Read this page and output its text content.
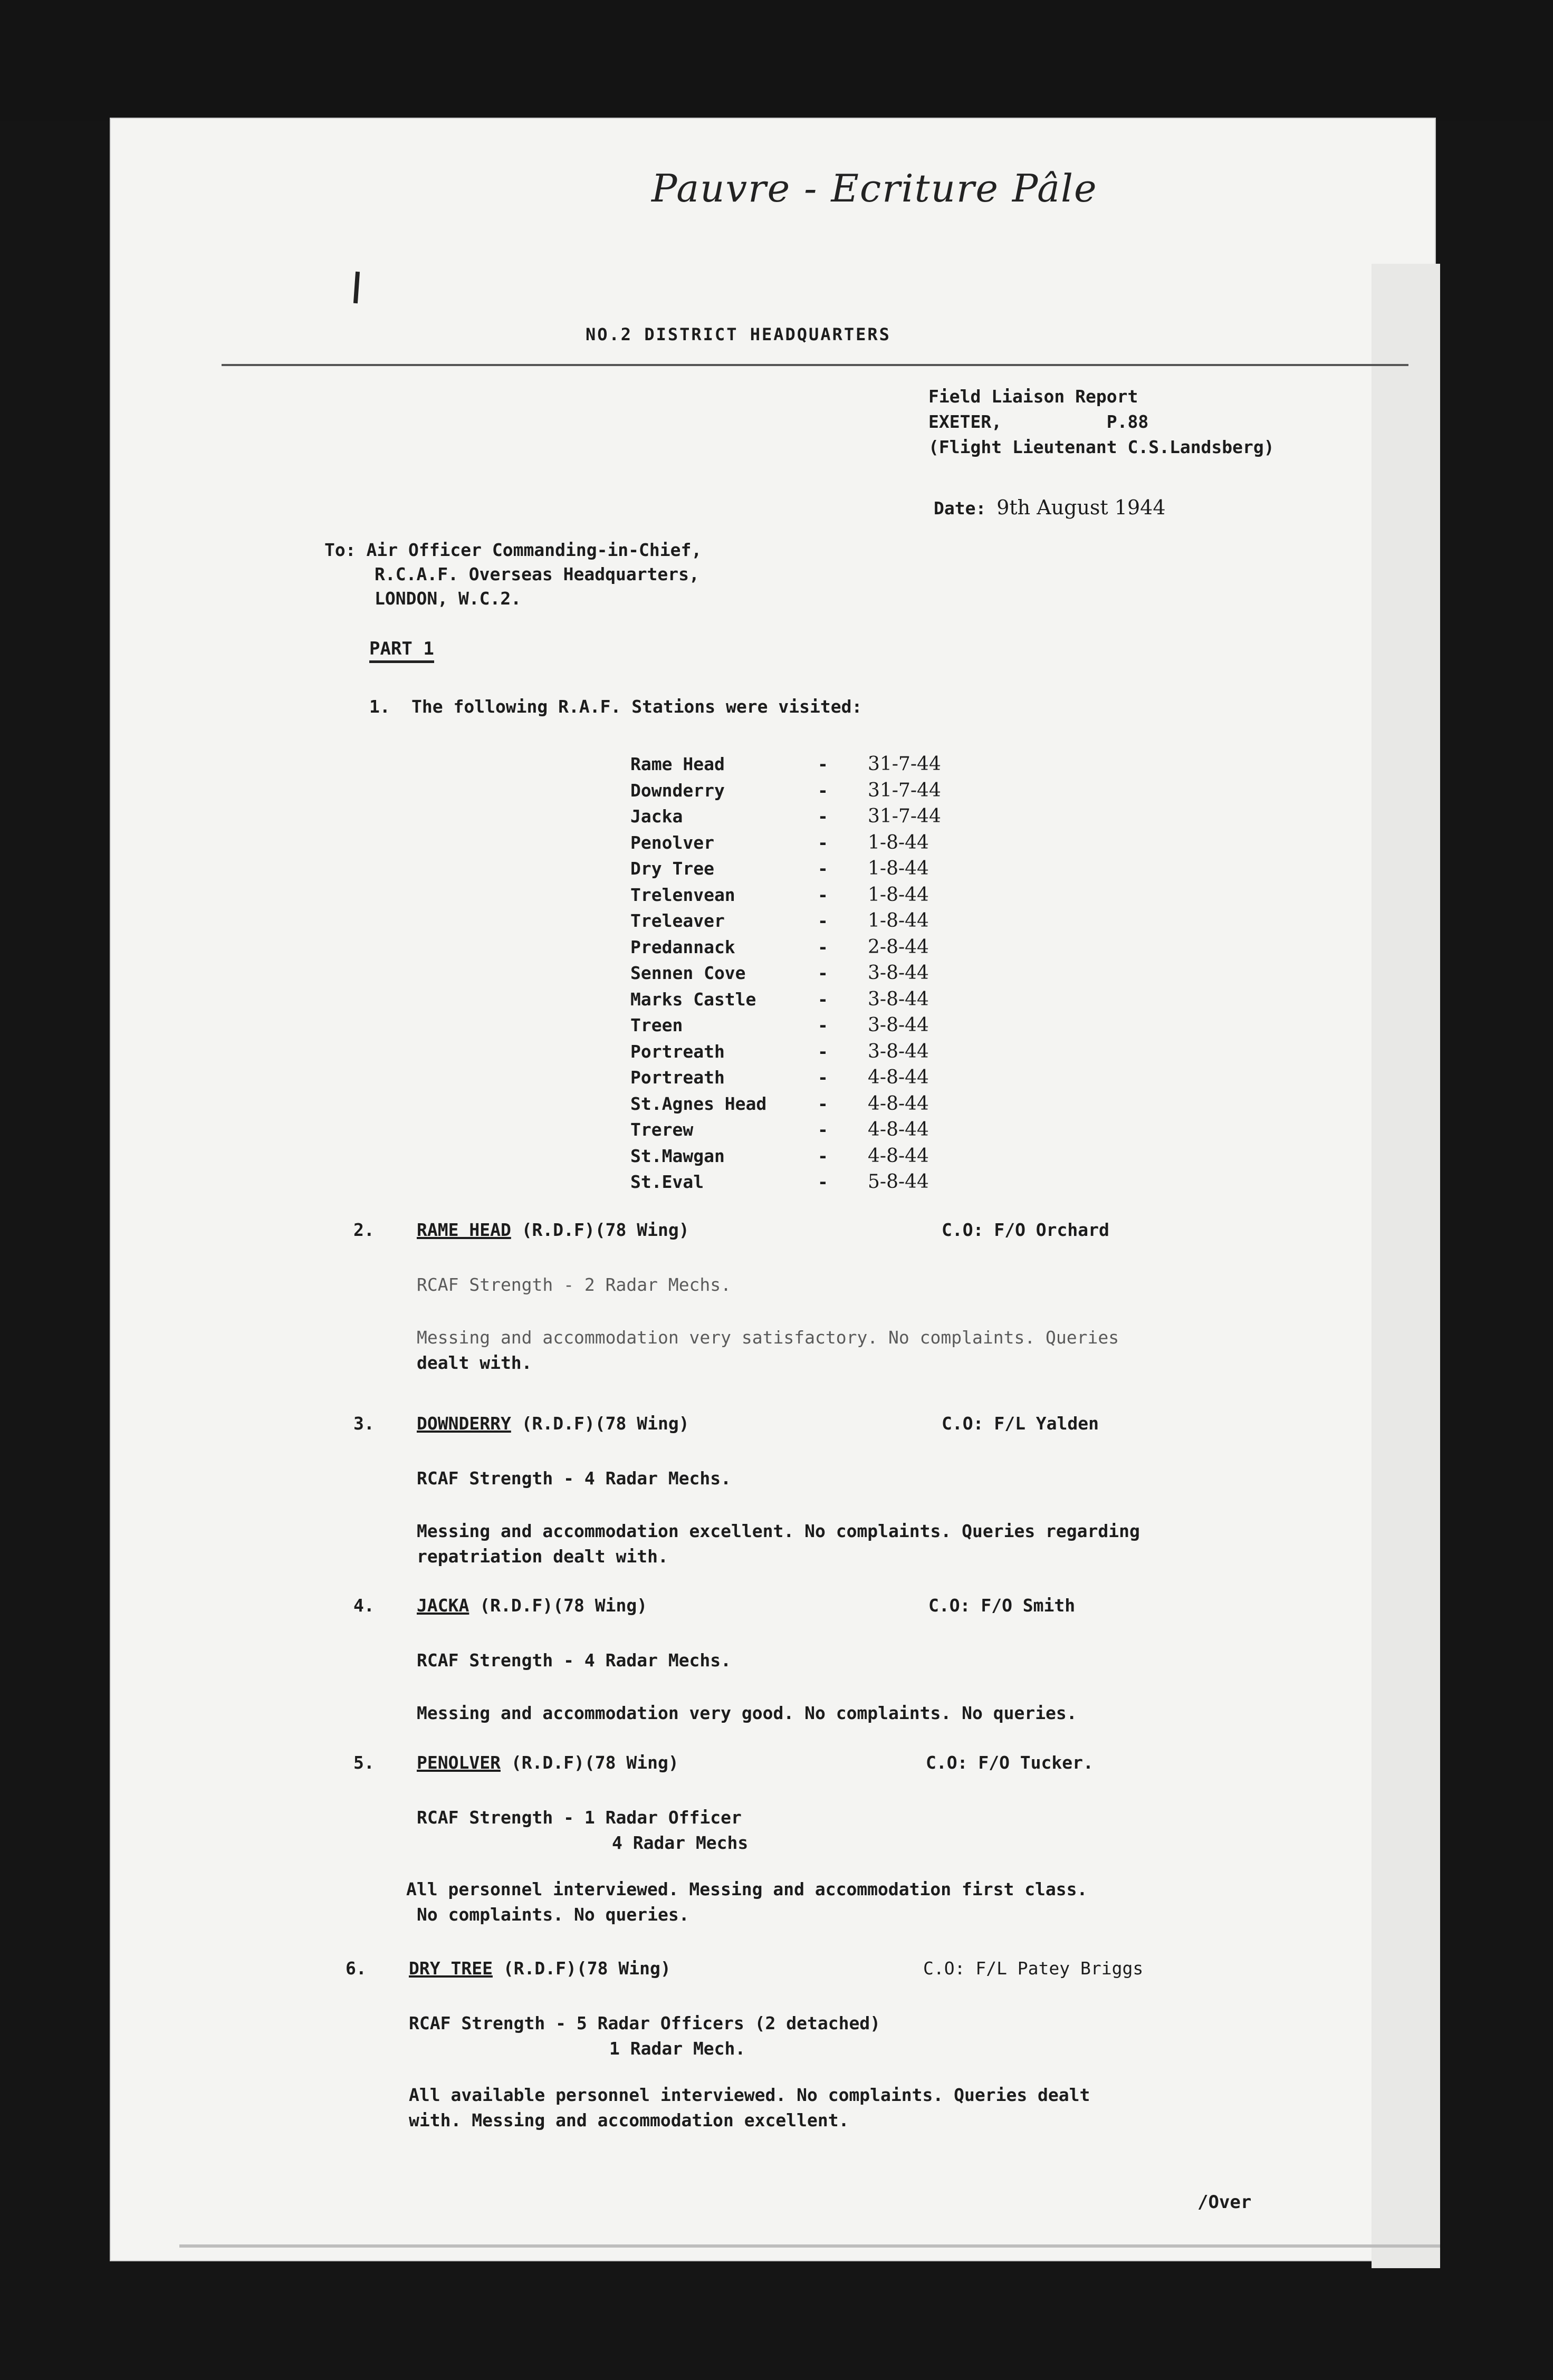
Pauvre - Ecriture Pâle
NO.2 DISTRICT HEADQUARTERS
Field Liaison Report
EXETER,          P.88
(Flight Lieutenant C.S.Landsberg)
Date: 9th August 1944
To: Air Officer Commanding-in-Chief,
R.C.A.F. Overseas Headquarters,
LONDON, W.C.2.
PART 1
1. The following R.A.F. Stations were visited:
Rame Head	-	31-7-44
Downderry	-	31-7-44
Jacka	-	31-7-44
Penolver	-	1-8-44
Dry Tree	-	1-8-44
Trelenvean	-	1-8-44
Treleaver	-	1-8-44
Predannack	-	2-8-44
Sennen Cove	-	3-8-44
Marks Castle	-	3-8-44
Treen	-	3-8-44
Portreath	-	3-8-44
Portreath	-	4-8-44
St.Agnes Head	-	4-8-44
Trerew	-	4-8-44
St.Mawgan	-	4-8-44
St.Eval	-	5-8-44
2. RAME HEAD (R.D.F)(78 Wing)	C.O: F/O Orchard
RCAF Strength - 2 Radar Mechs.
Messing and accommodation very satisfactory. No complaints. Queries
dealt with.
3. DOWNDERRY (R.D.F)(78 Wing)	C.O: F/L Yalden
RCAF Strength - 4 Radar Mechs.
Messing and accommodation excellent. No complaints. Queries regarding
repatriation dealt with.
4. JACKA (R.D.F)(78 Wing)	C.O: F/O Smith
RCAF Strength - 4 Radar Mechs.
Messing and accommodation very good. No complaints. No queries.
5. PENOLVER (R.D.F)(78 Wing)	C.O: F/O Tucker.
RCAF Strength - 1 Radar Officer
4 Radar Mechs
All personnel interviewed. Messing and accommodation first class.
No complaints. No queries.
6. DRY TREE (R.D.F)(78 Wing)	C.O: F/L Patey Briggs
RCAF Strength - 5 Radar Officers (2 detached)
1 Radar Mech.
All available personnel interviewed. No complaints. Queries dealt
with. Messing and accommodation excellent.
/Over
